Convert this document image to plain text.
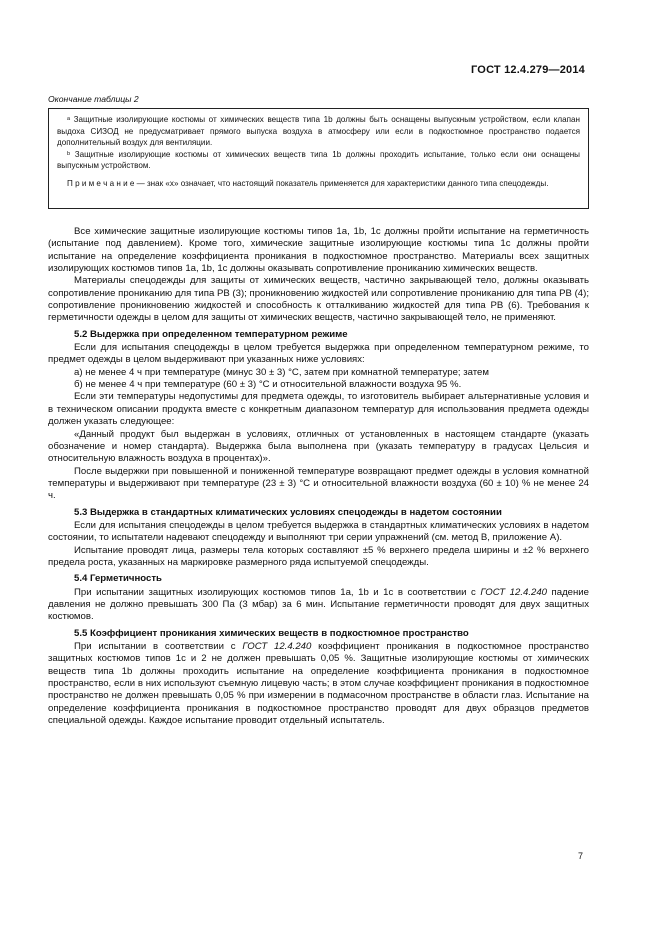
ГОСТ 12.4.279—2014
Окончание таблицы 2

ᵃ Защитные изолирующие костюмы от химических веществ типа 1b должны быть оснащены выпускным устройством, если клапан выдоха СИЗОД не предусматривает прямого выпуска воздуха в атмосферу или если в подкостюмное пространство подается дополнительный воздух для вентиляции.

ᵇ Защитные изолирующие костюмы от химических веществ типа 1b должны проходить испытание, только если они оснащены выпускным устройством.

П р и м е ч а н и е — знак «x» означает, что настоящий показатель применяется для характеристики данного типа спецодежды.

Все химические защитные изолирующие костюмы типов 1a, 1b, 1c должны пройти испытание на герметичность (испытание под давлением). Кроме того, химические защитные изолирующие костюмы типа 1c должны пройти испытание на определение коэффициента проникания в подкостюмное пространство. Материалы всех защитных изолирующих костюмов типов 1a, 1b, 1c должны оказывать сопротивление прониканию химических веществ.

Материалы спецодежды для защиты от химических веществ, частично закрывающей тело, должны оказывать сопротивление прониканию для типа PB (3); проникновению жидкостей или сопротивление прониканию для типа PB (4); сопротивление проникновению жидкостей и способность к отталкиванию жидкостей для типа PB (6). Требования к герметичности одежды в целом для защиты от химических веществ, частично закрывающей тело, не применяют.

5.2 Выдержка при определенном температурном режиме

Если для испытания спецодежды в целом требуется выдержка при определенном температурном режиме, то предмет одежды в целом выдерживают при указанных ниже условиях:

а) не менее 4 ч при температуре (минус 30 ± 3) °С, затем при комнатной температуре; затем

б) не менее 4 ч при температуре (60 ± 3) °С и относительной влажности воздуха 95 %.

Если эти температуры недопустимы для предмета одежды, то изготовитель выбирает альтернативные условия и в техническом описании продукта вместе с конкретным диапазоном температур для использования предмета одежды должен указать следующее:

«Данный продукт был выдержан в условиях, отличных от установленных в настоящем стандарте (указать обозначение и номер стандарта). Выдержка была выполнена при (указать температуру в градусах Цельсия и относительную влажность воздуха в процентах)».

После выдержки при повышенной и пониженной температуре возвращают предмет одежды в условия комнатной температуры и выдерживают при температуре (23 ± 3) °С и относительной влажности воздуха (60 ± 10) % не менее 24 ч.

5.3 Выдержка в стандартных климатических условиях спецодежды в надетом состоянии

Если для испытания спецодежды в целом требуется выдержка в стандартных климатических условиях в надетом состоянии, то испытатели надевают спецодежду и выполняют три серии упражнений (см. метод В, приложение А).

Испытание проводят лица, размеры тела которых составляют ±5 % верхнего предела ширины и ±2 % верхнего предела роста, указанных на маркировке размерного ряда испытуемой спецодежды.

5.4 Герметичность

При испытании защитных изолирующих костюмов типов 1a, 1b и 1c в соответствии с ГОСТ 12.4.240 падение давления не должно превышать 300 Па (3 мбар) за 6 мин. Испытание герметичности проводят для двух защитных костюмов.

5.5 Коэффициент проникания химических веществ в подкостюмное пространство

При испытании в соответствии с ГОСТ 12.4.240 коэффициент проникания в подкостюмное пространство защитных костюмов типов 1c и 2 не должен превышать 0,05 %. Защитные изолирующие костюмы от химических веществ типа 1b должны проходить испытание на определение коэффициента проникания в подкостюмное пространство, если в них используют съемную лицевую часть; в этом случае коэффициент проникания в подкостюмное пространство не должен превышать 0,05 % при измерении в подмасочном пространстве в области глаз. Испытание на определение коэффициента проникания в подкостюмное пространство проводят для двух образцов предметов специальной одежды. Каждое испытание проводит отдельный испытатель.

7
